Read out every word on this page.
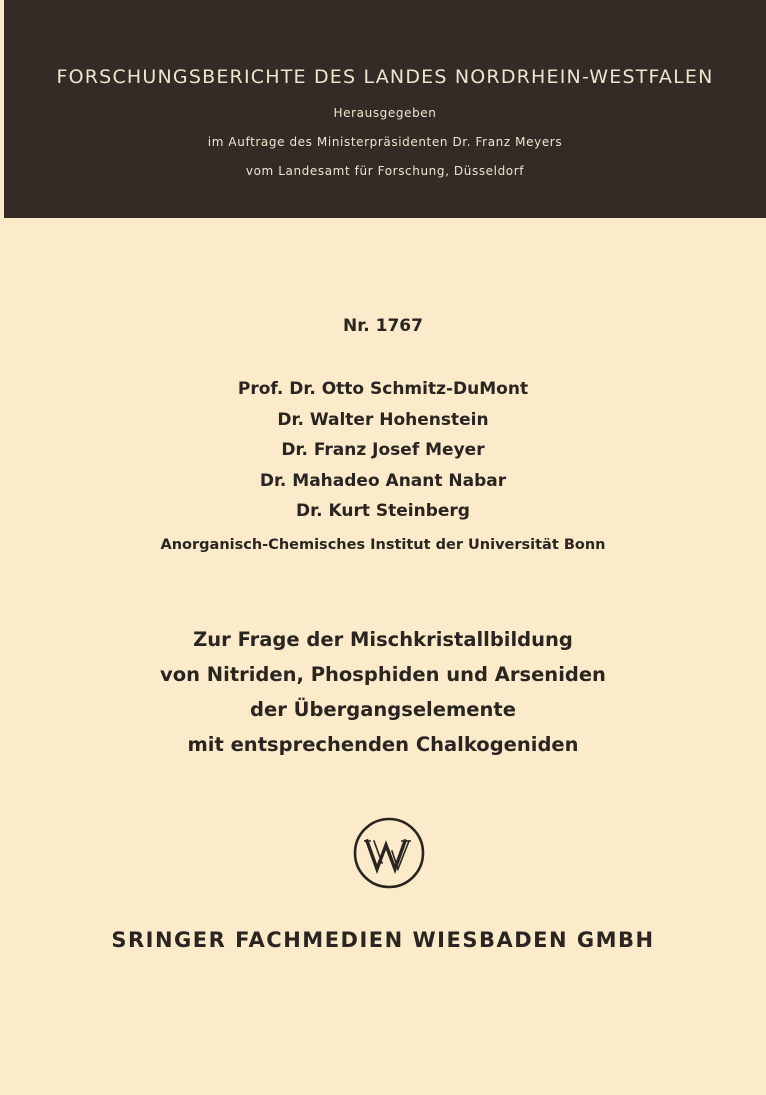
FORSCHUNGSBERICHTE DES LANDES NORDRHEIN-WESTFALEN
Herausgegeben
im Auftrage des Ministerpräsidenten Dr. Franz Meyers
vom Landesamt für Forschung, Düsseldorf
Nr. 1767
Prof. Dr. Otto Schmitz-DuMont
Dr. Walter Hohenstein
Dr. Franz Josef Meyer
Dr. Mahadeo Anant Nabar
Dr. Kurt Steinberg
Anorganisch-Chemisches Institut der Universität Bonn
Zur Frage der Mischkristallbildung
von Nitriden, Phosphiden und Arseniden
der Übergangselemente
mit entsprechenden Chalkogeniden
SRINGER FACHMEDIEN WIESBADEN GMBH
